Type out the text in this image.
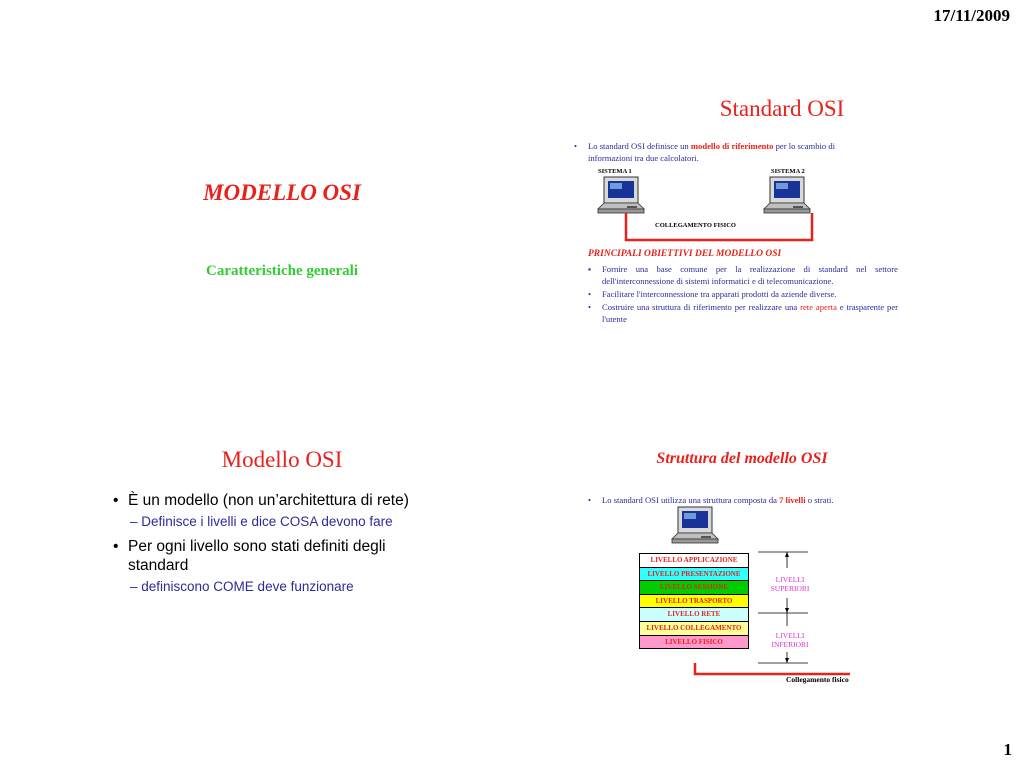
17/11/2009
1
MODELLO OSI
Caratteristiche generali
Standard OSI
• Lo standard OSI definisce un modello di riferimento per lo scambio di informazioni tra due calcolatori.
SISTEMA 1	SISTEMA 2
COLLEGAMENTO FISICO
PRINCIPALI OBIETTIVI DEL MODELLO OSI
▪ Fornire una base comune per la realizzazione di standard nel settore dell'interconnessione di sistemi informatici e di telecomunicazione.
• Facilitare l'interconnessione tra apparati prodotti da aziende diverse.
• Costruire una struttura di riferimento per realizzare una rete aperta e trasparente per l'utente
Modello OSI
• È un modello (non un’architettura di rete)
– Definisce i livelli e dice COSA devono fare
• Per ogni livello sono stati definiti degli standard
– definiscono COME deve funzionare
Struttura del modello OSI
• Lo standard OSI utilizza una struttura composta da 7 livelli o strati.
LIVELLO APPLICAZIONE
LIVELLO PRESENTAZIONE
LIVELLO SESSIONE
LIVELLO TRASPORTO
LIVELLO RETE
LIVELLO COLLEGAMENTO
LIVELLO FISICO
LIVELLI
SUPERIORI
LIVELLI
INFERIORI
Collegamento fisico
